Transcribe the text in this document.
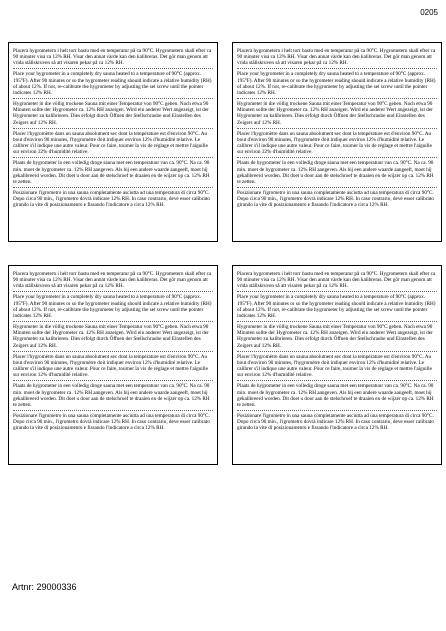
0205

Placera hygrometern i helt torr bastu med en temperatur på ca 90°C. Hygrometern skall efter ca 90 minuter visa ca 12% RH. Visar den annat värde kan den kalibreras. Det gör man genom att vrida ställskruven så att visaren pekar på ca 12% RH.

Place your hygrometer in a completely dry sauna heated to a temperature of 90°C (approx. 195°F). After 90 minutes or so the hygrometer reading should indicate a relative humidity (RH) of about 12%. If not, re-calibrate the hygrometer by adjusting the set screw until the pointer indicates 12% RH.

Hygrometer in die völlig trockene Sauna mit einer Temperatur von 90°C geben. Nach etwa 90 Minuten sollte der Hygrometer ca. 12% RH anzeigen. Wird ein anderer Wert angezeigt, ist der Hygrometer zu kalibrieren. Dies erfolgt durch Öffnen der Stellschraube und Einstellen des Zeigers auf 12% RH.

Placer l'hygromètre dans un sauna absolument sec dont la température est d'environ 90°C. Au bout d'environ 90 minutes, l'hygromètre doit indiquer environ 12% d'humidité relative. Le calibrer s'il indique une autre valeur. Pour ce faire, tourner la vis de réglage et mettre l'aiguille sur environ 12% d'humidité relative.

Plaats de hygrometer in een volledig droge sauna met een temperatuur van ca. 90°C. Na ca. 90 min. moet de hygrometer ca. 12% RH aangeven. Als hij een andere waarde aangeeft, moet hij gekalibreerd worden. Dit doet u door aan de stelschroef te draaien en de wijzer op ca. 12% RH te zetten.

Posizionare l'igrometro in una sauna completamente asciutta ad una temperatura di circa 90°C. Dopo circa 90 min., l'igrometro dovrà indicare 12% RH. In caso contrario, deve esser calibrato girando la vite di posizionamento e fissando l'indicatore a circa 12% RH.

Placera hygrometern i helt torr bastu med en temperatur på ca 90°C. Hygrometern skall efter ca 90 minuter visa ca 12% RH. Visar den annat värde kan den kalibreras. Det gör man genom att vrida ställskruven så att visaren pekar på ca 12% RH.

Place your hygrometer in a completely dry sauna heated to a temperature of 90°C (approx. 195°F). After 90 minutes or so the hygrometer reading should indicate a relative humidity (RH) of about 12%. If not, re-calibrate the hygrometer by adjusting the set screw until the pointer indicates 12% RH.

Hygrometer in die völlig trockene Sauna mit einer Temperatur von 90°C geben. Nach etwa 90 Minuten sollte der Hygrometer ca. 12% RH anzeigen. Wird ein anderer Wert angezeigt, ist der Hygrometer zu kalibrieren. Dies erfolgt durch Öffnen der Stellschraube und Einstellen des Zeigers auf 12% RH.

Placer l'hygromètre dans un sauna absolument sec dont la température est d'environ 90°C. Au bout d'environ 90 minutes, l'hygromètre doit indiquer environ 12% d'humidité relative. Le calibrer s'il indique une autre valeur. Pour ce faire, tourner la vis de réglage et mettre l'aiguille sur environ 12% d'humidité relative.

Plaats de hygrometer in een volledig droge sauna met een temperatuur van ca. 90°C. Na ca. 90 min. moet de hygrometer ca. 12% RH aangeven. Als hij een andere waarde aangeeft, moet hij gekalibreerd worden. Dit doet u door aan de stelschroef te draaien en de wijzer op ca. 12% RH te zetten.

Posizionare l'igrometro in una sauna completamente asciutta ad una temperatura di circa 90°C. Dopo circa 90 min., l'igrometro dovrà indicare 12% RH. In caso contrario, deve esser calibrato girando la vite di posizionamento e fissando l'indicatore a circa 12% RH.

Placera hygrometern i helt torr bastu med en temperatur på ca 90°C. Hygrometern skall efter ca 90 minuter visa ca 12% RH. Visar den annat värde kan den kalibreras. Det gör man genom att vrida ställskruven så att visaren pekar på ca 12% RH.

Place your hygrometer in a completely dry sauna heated to a temperature of 90°C (approx. 195°F). After 90 minutes or so the hygrometer reading should indicate a relative humidity (RH) of about 12%. If not, re-calibrate the hygrometer by adjusting the set screw until the pointer indicates 12% RH.

Hygrometer in die völlig trockene Sauna mit einer Temperatur von 90°C geben. Nach etwa 90 Minuten sollte der Hygrometer ca. 12% RH anzeigen. Wird ein anderer Wert angezeigt, ist der Hygrometer zu kalibrieren. Dies erfolgt durch Öffnen der Stellschraube und Einstellen des Zeigers auf 12% RH.

Placer l'hygromètre dans un sauna absolument sec dont la température est d'environ 90°C. Au bout d'environ 90 minutes, l'hygromètre doit indiquer environ 12% d'humidité relative. Le calibrer s'il indique une autre valeur. Pour ce faire, tourner la vis de réglage et mettre l'aiguille sur environ 12% d'humidité relative.

Plaats de hygrometer in een volledig droge sauna met een temperatuur van ca. 90°C. Na ca. 90 min. moet de hygrometer ca. 12% RH aangeven. Als hij een andere waarde aangeeft, moet hij gekalibreerd worden. Dit doet u door aan de stelschroef te draaien en de wijzer op ca. 12% RH te zetten.

Posizionare l'igrometro in una sauna completamente asciutta ad una temperatura di circa 90°C. Dopo circa 90 min., l'igrometro dovrà indicare 12% RH. In caso contrario, deve esser calibrato girando la vite di posizionamento e fissando l'indicatore a circa 12% RH.

Placera hygrometern i helt torr bastu med en temperatur på ca 90°C. Hygrometern skall efter ca 90 minuter visa ca 12% RH. Visar den annat värde kan den kalibreras. Det gör man genom att vrida ställskruven så att visaren pekar på ca 12% RH.

Place your hygrometer in a completely dry sauna heated to a temperature of 90°C (approx. 195°F). After 90 minutes or so the hygrometer reading should indicate a relative humidity (RH) of about 12%. If not, re-calibrate the hygrometer by adjusting the set screw until the pointer indicates 12% RH.

Hygrometer in die völlig trockene Sauna mit einer Temperatur von 90°C geben. Nach etwa 90 Minuten sollte der Hygrometer ca. 12% RH anzeigen. Wird ein anderer Wert angezeigt, ist der Hygrometer zu kalibrieren. Dies erfolgt durch Öffnen der Stellschraube und Einstellen des Zeigers auf 12% RH.

Placer l'hygromètre dans un sauna absolument sec dont la température est d'environ 90°C. Au bout d'environ 90 minutes, l'hygromètre doit indiquer environ 12% d'humidité relative. Le calibrer s'il indique une autre valeur. Pour ce faire, tourner la vis de réglage et mettre l'aiguille sur environ 12% d'humidité relative.

Plaats de hygrometer in een volledig droge sauna met een temperatuur van ca. 90°C. Na ca. 90 min. moet de hygrometer ca. 12% RH aangeven. Als hij een andere waarde aangeeft, moet hij gekalibreerd worden. Dit doet u door aan de stelschroef te draaien en de wijzer op ca. 12% RH te zetten.

Posizionare l'igrometro in una sauna completamente asciutta ad una temperatura di circa 90°C. Dopo circa 90 min., l'igrometro dovrà indicare 12% RH. In caso contrario, deve esser calibrato girando la vite di posizionamento e fissando l'indicatore a circa 12% RH.

Artnr: 29000336
